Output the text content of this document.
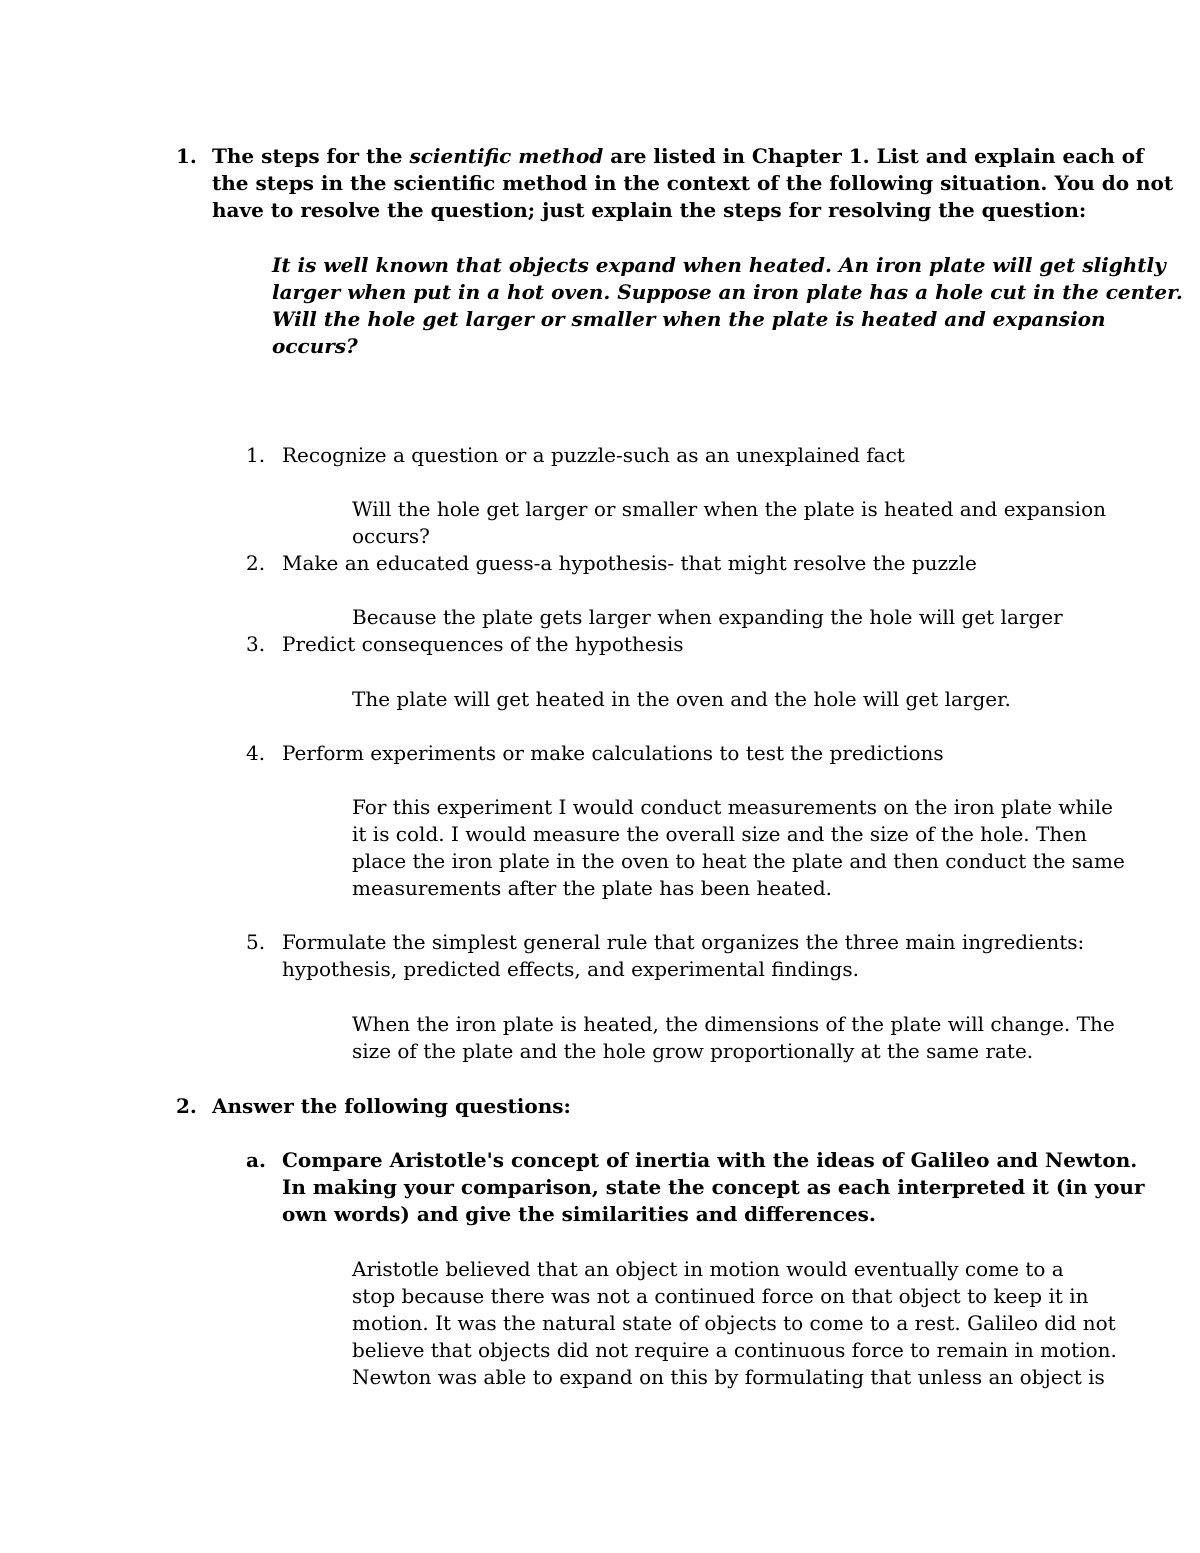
1. The steps for the scientific method are listed in Chapter 1. List and explain each of
the steps in the scientific method in the context of the following situation. You do not
have to resolve the question; just explain the steps for resolving the question:

It is well known that objects expand when heated. An iron plate will get slightly

larger when put in a hot oven. Suppose an iron plate has a hole cut in the center.

Will the hole get larger or smaller when the plate is heated and expansion

occurs?

1. Recognize a question or a puzzle-such as an unexplained fact

Will the hole get larger or smaller when the plate is heated and expansion

occurs?

2. Make an educated guess-a hypothesis- that might resolve the puzzle

Because the plate gets larger when expanding the hole will get larger

3. Predict consequences of the hypothesis

The plate will get heated in the oven and the hole will get larger.

4. Perform experiments or make calculations to test the predictions

For this experiment I would conduct measurements on the iron plate while

it is cold. I would measure the overall size and the size of the hole. Then

place the iron plate in the oven to heat the plate and then conduct the same

measurements after the plate has been heated.

5. Formulate the simplest general rule that organizes the three main ingredients:

hypothesis, predicted effects, and experimental findings.

When the iron plate is heated, the dimensions of the plate will change. The

size of the plate and the hole grow proportionally at the same rate.

2. Answer the following questions:
a. Compare Aristotle's concept of inertia with the ideas of Galileo and Newton.

In making your comparison, state the concept as each interpreted it (in your

own words) and give the similarities and differences.

Aristotle believed that an object in motion would eventually come to a

stop because there was not a continued force on that object to keep it in

motion. It was the natural state of objects to come to a rest. Galileo did not

believe that objects did not require a continuous force to remain in motion.

Newton was able to expand on this by formulating that unless an object is
